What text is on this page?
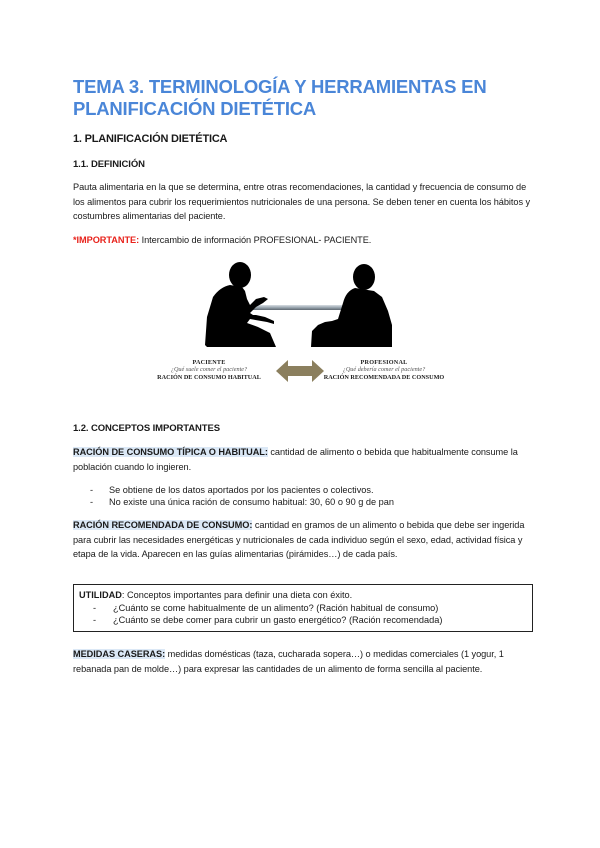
TEMA 3. TERMINOLOGÍA Y HERRAMIENTAS EN PLANIFICACIÓN DIETÉTICA
1. PLANIFICACIÓN DIETÉTICA
1.1. DEFINICIÓN

Pauta alimentaria en la que se determina, entre otras recomendaciones, la cantidad y frecuencia de consumo de los alimentos para cubrir los requerimientos nutricionales de una persona. Se deben tener en cuenta los hábitos y costumbres alimentarias del paciente.

*IMPORTANTE: Intercambio de información PROFESIONAL- PACIENTE.

PACIENTE
¿Qué suele comer el paciente?
RACIÓN DE CONSUMO HABITUAL
PROFESIONAL
¿Qué debería comer el paciente?
RACIÓN RECOMENDADA DE CONSUMO
1.2. CONCEPTOS IMPORTANTES

RACIÓN DE CONSUMO TÍPICA O HABITUAL: cantidad de alimento o bebida que habitualmente consume la población cuando lo ingieren.

-	Se obtiene de los datos aportados por los pacientes o colectivos.
-	No existe una única ración de consumo habitual: 30, 60 o 90 g de pan

RACIÓN RECOMENDADA DE CONSUMO: cantidad en gramos de un alimento o bebida que debe ser ingerida para cubrir las necesidades energéticas y nutricionales de cada individuo según el sexo, edad, actividad física y etapa de la vida. Aparecen en las guías alimentarias (pirámides…) de cada país.

UTILIDAD: Conceptos importantes para definir una dieta con éxito.
-	¿Cuánto se come habitualmente de un alimento? (Ración habitual de consumo)
-	¿Cuánto se debe comer para cubrir un gasto energético? (Ración recomendada)

MEDIDAS CASERAS: medidas domésticas (taza, cucharada sopera…) o medidas comerciales (1 yogur, 1 rebanada pan de molde…) para expresar las cantidades de un alimento de forma sencilla al paciente.
